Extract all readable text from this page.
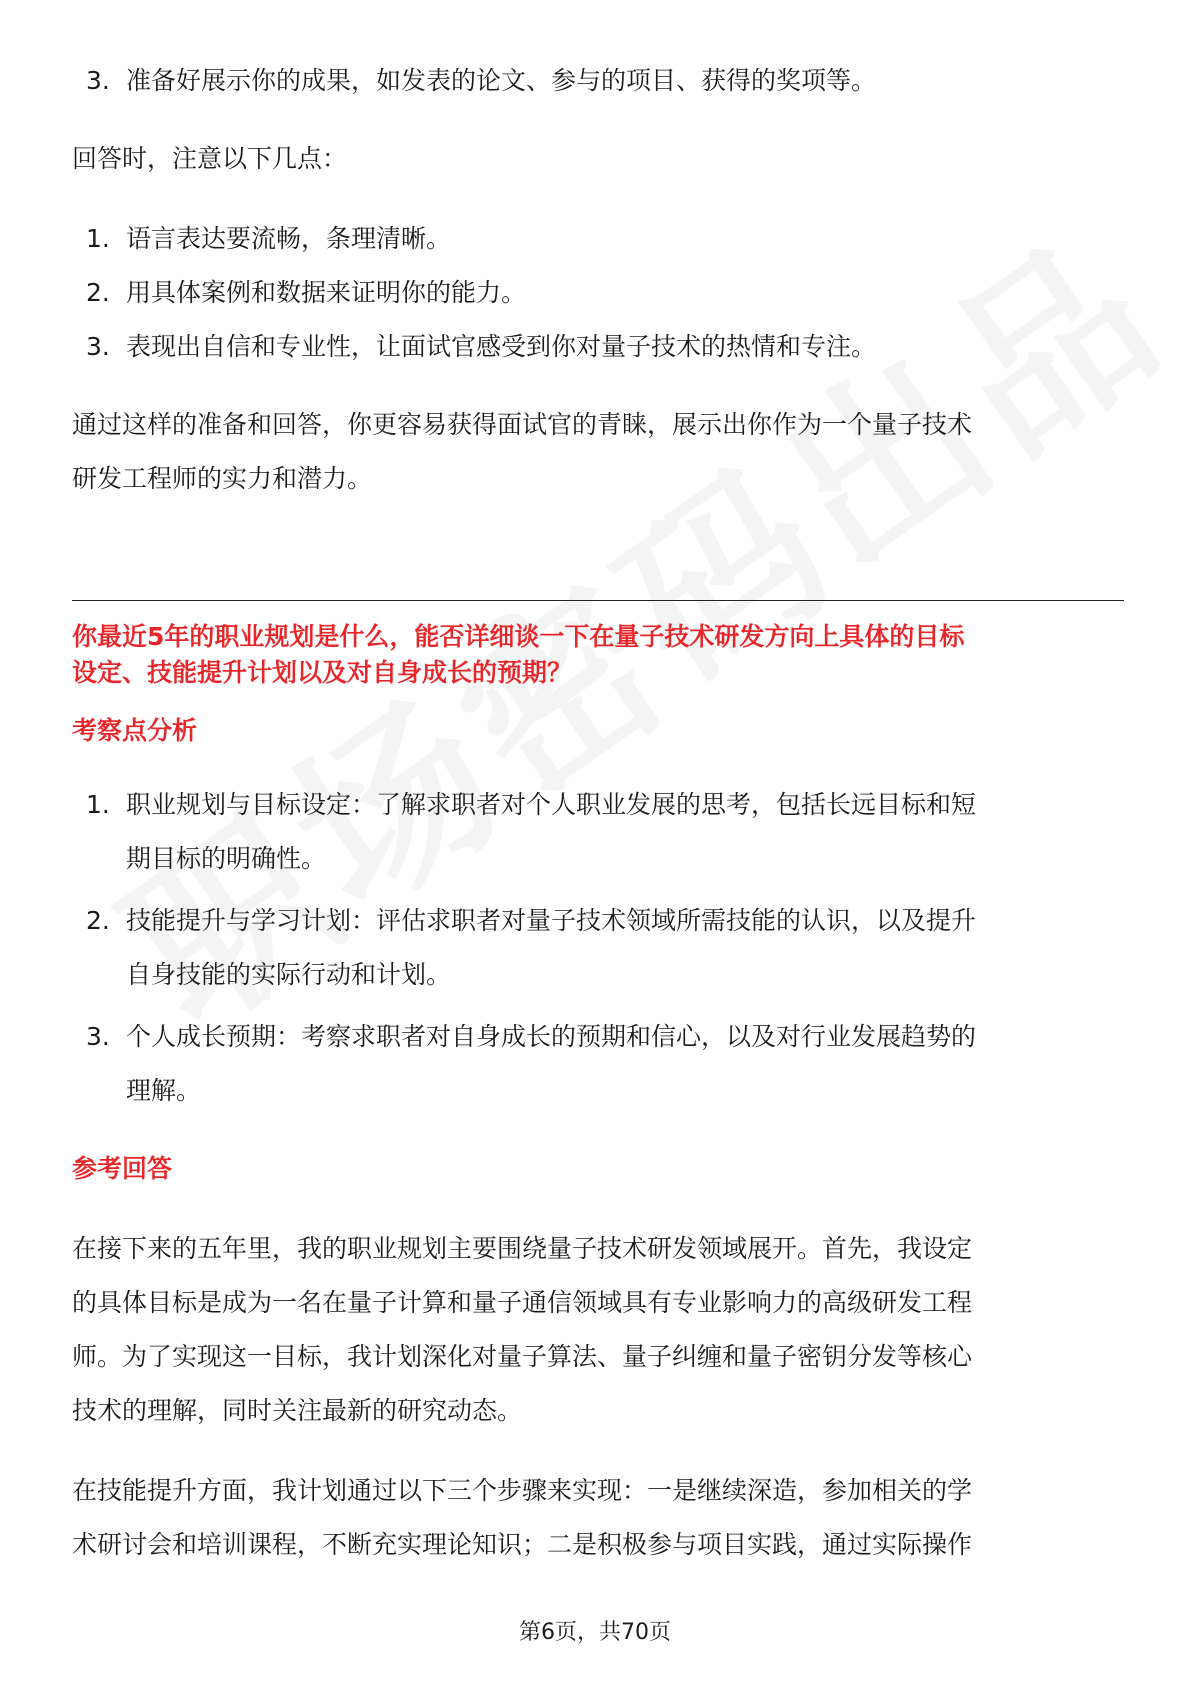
3. 准备好展示你的成果，如发表的论文、参与的项目、获得的奖项等。
回答时，注意以下几点：
1. 语言表达要流畅，条理清晰。
2. 用具体案例和数据来证明你的能力。
3. 表现出自信和专业性，让面试官感受到你对量子技术的热情和专注。
通过这样的准备和回答，你更容易获得面试官的青睐，展示出你作为一个量子技术
研发工程师的实力和潜力。
你最近5年的职业规划是什么，能否详细谈一下在量子技术研发方向上具体的目标
设定、技能提升计划以及对自身成长的预期？
考察点分析
1. 职业规划与目标设定：了解求职者对个人职业发展的思考，包括长远目标和短
期目标的明确性。
2. 技能提升与学习计划：评估求职者对量子技术领域所需技能的认识，以及提升
自身技能的实际行动和计划。
3. 个人成长预期：考察求职者对自身成长的预期和信心，以及对行业发展趋势的
理解。
参考回答
在接下来的五年里，我的职业规划主要围绕量子技术研发领域展开。首先，我设定
的具体目标是成为一名在量子计算和量子通信领域具有专业影响力的高级研发工程
师。为了实现这一目标，我计划深化对量子算法、量子纠缠和量子密钥分发等核心
技术的理解，同时关注最新的研究动态。
在技能提升方面，我计划通过以下三个步骤来实现：一是继续深造，参加相关的学
术研讨会和培训课程，不断充实理论知识；二是积极参与项目实践，通过实际操作
第6页，共70页
